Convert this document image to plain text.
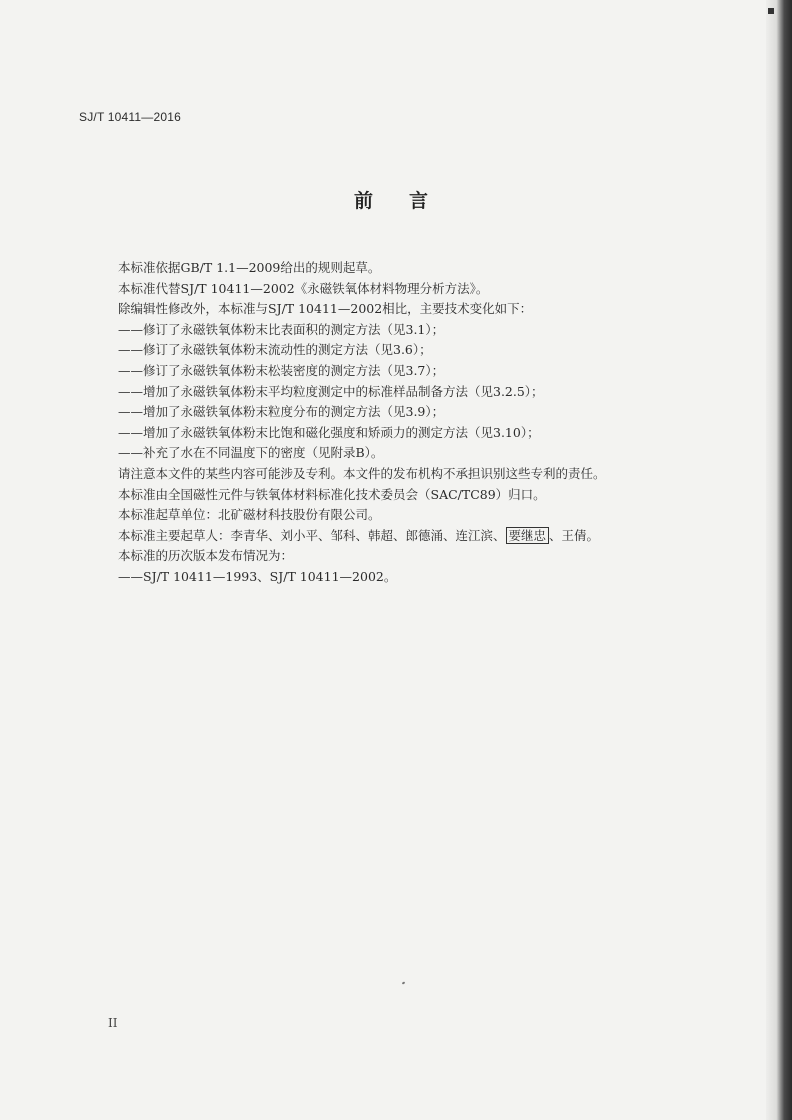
SJ/T 10411—2016
前言
本标准依据GB/T 1.1—2009给出的规则起草。
本标准代替SJ/T 10411—2002《永磁铁氧体材料物理分析方法》。
除编辑性修改外，本标准与SJ/T 10411—2002相比，主要技术变化如下：
——修订了永磁铁氧体粉末比表面积的测定方法（见3.1）；
——修订了永磁铁氧体粉末流动性的测定方法（见3.6）；
——修订了永磁铁氧体粉末松装密度的测定方法（见3.7）；
——增加了永磁铁氧体粉末平均粒度测定中的标准样品制备方法（见3.2.5）；
——增加了永磁铁氧体粉末粒度分布的测定方法（见3.9）；
——增加了永磁铁氧体粉末比饱和磁化强度和矫顽力的测定方法（见3.10）；
——补充了水在不同温度下的密度（见附录B）。
请注意本文件的某些内容可能涉及专利。本文件的发布机构不承担识别这些专利的责任。
本标准由全国磁性元件与铁氧体材料标准化技术委员会（SAC/TC89）归口。
本标准起草单位：北矿磁材科技股份有限公司。
本标准主要起草人：李青华、刘小平、邹科、韩超、郎德涌、连江滨、 要继忠 、王倩。
本标准的历次版本发布情况为：
——SJ/T 10411—1993、SJ/T 10411—2002。
II
